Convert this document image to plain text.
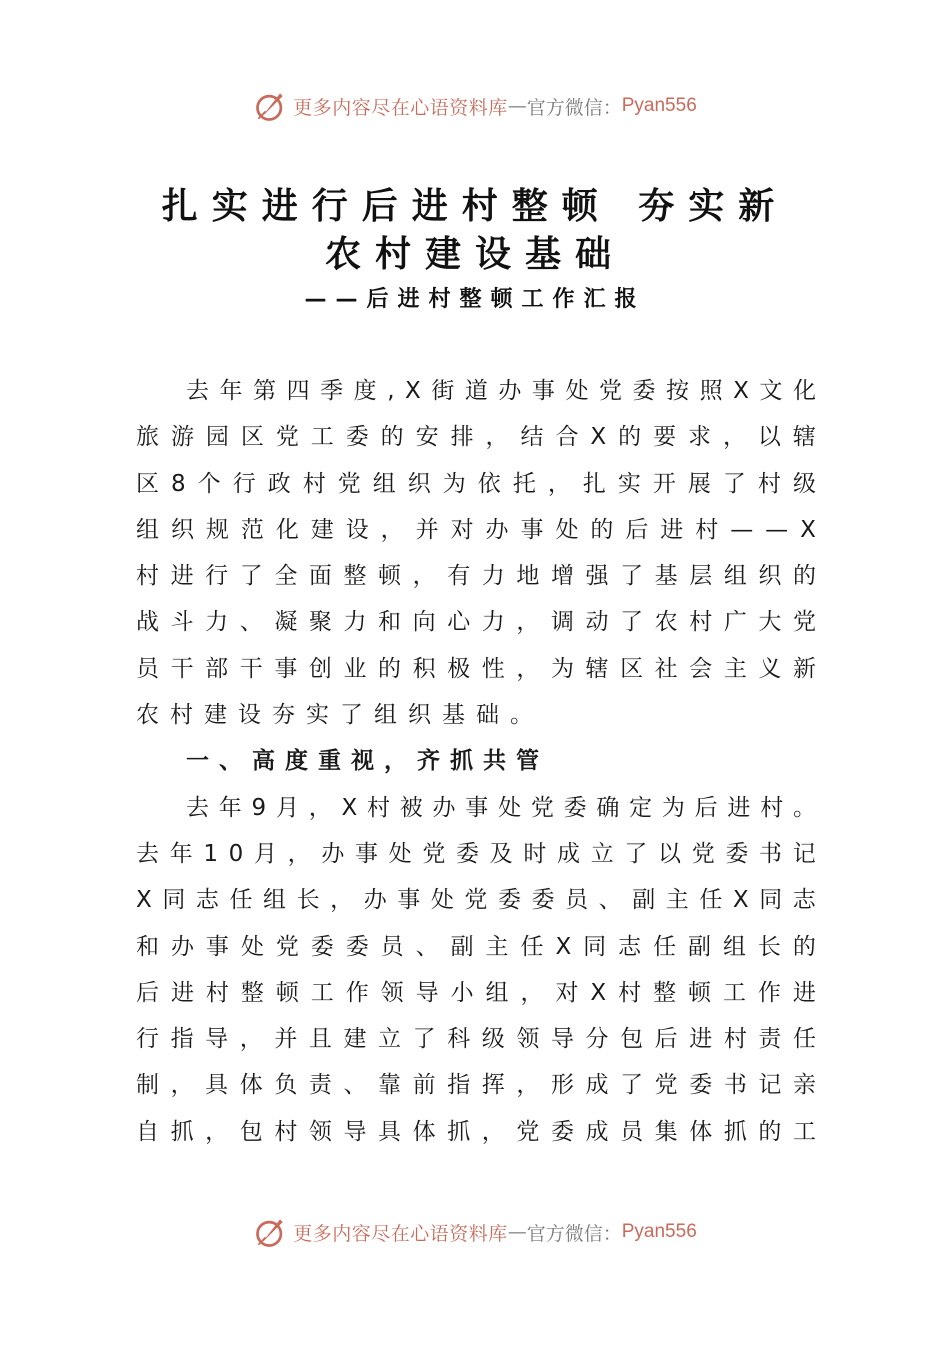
更多内容尽在心语资料库 — 官方微信： Pyan556
扎实进行后进村整顿 夯实新
农村建设基础
——后进村整顿工作汇报
去 年 第 四 季 度 , X 街 道 办 事 处 党 委 按 照 X 文 化
旅 游 园 区 党 工 委 的 安 排 ， 结 合 X 的 要 求 ， 以 辖
区 8 个 行 政 村 党 组 织 为 依 托 ， 扎 实 开 展 了 村 级
组 织 规 范 化 建 设 ， 并 对 办 事 处 的 后 进 村 — — X
村 进 行 了 全 面 整 顿 ， 有 力 地 增 强 了 基 层 组 织 的
战 斗 力 、 凝 聚 力 和 向 心 力 ， 调 动 了 农 村 广 大 党
员 干 部 干 事 创 业 的 积 极 性 ， 为 辖 区 社 会 主 义 新
农村建设夯实了组织基础。
一、高度重视，齐抓共管
去 年 9 月 ， X 村 被 办 事 处 党 委 确 定 为 后 进 村 。
去 年 1 0 月 ， 办 事 处 党 委 及 时 成 立 了 以 党 委 书 记
X 同 志 任 组 长 ， 办 事 处 党 委 委 员 、 副 主 任 X 同 志
和 办 事 处 党 委 委 员 、 副 主 任 X 同 志 任 副 组 长 的
后 进 村 整 顿 工 作 领 导 小 组 ， 对 X 村 整 顿 工 作 进
行 指 导 ， 并 且 建 立 了 科 级 领 导 分 包 后 进 村 责 任
制 ， 具 体 负 责 、 靠 前 指 挥 ， 形 成 了 党 委 书 记 亲
自 抓 ， 包 村 领 导 具 体 抓 ， 党 委 成 员 集 体 抓 的 工
更多内容尽在心语资料库 — 官方微信： Pyan556
